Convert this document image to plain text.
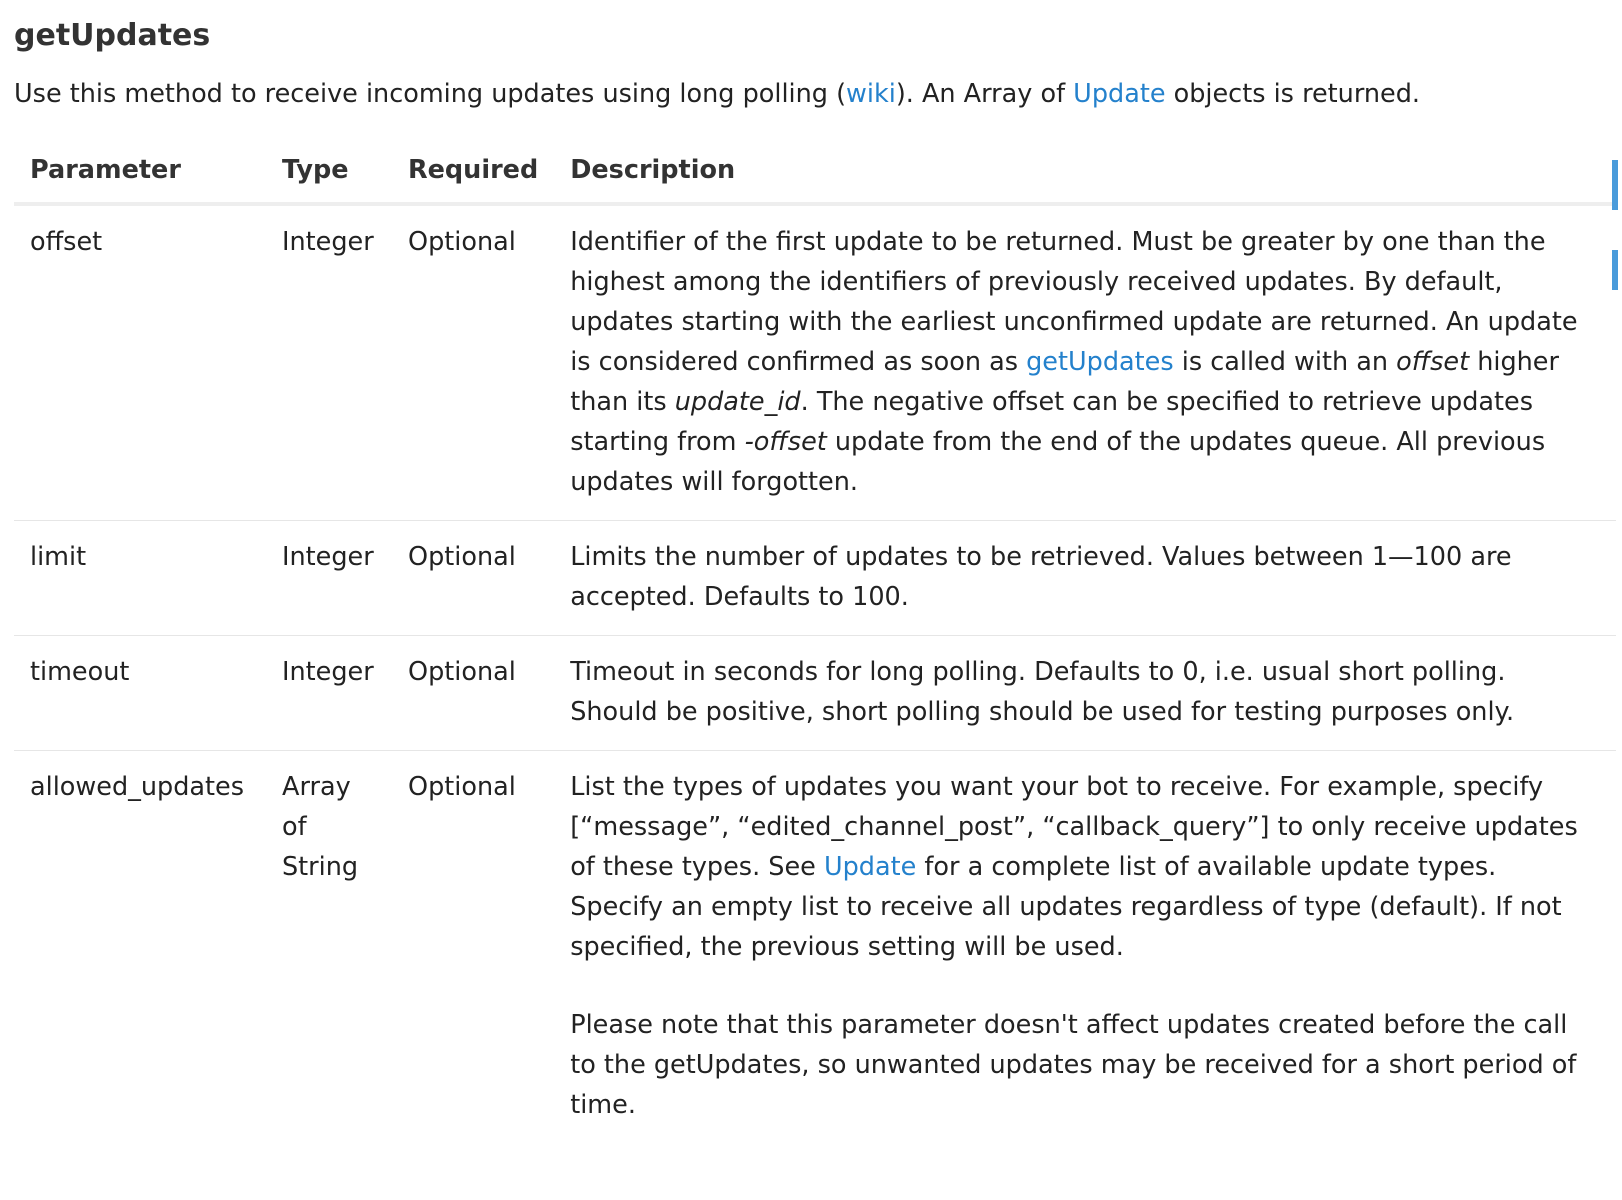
getUpdates

Use this method to receive incoming updates using long polling (wiki). An Array of Update objects is returned.

Parameter	Type	Required	Description
offset	Integer	Optional	Identifier of the first update to be returned. Must be greater by one than the highest among the identifiers of previously received updates. By default, updates starting with the earliest unconfirmed update are returned. An update is considered confirmed as soon as getUpdates is called with an offset higher than its update_id. The negative offset can be specified to retrieve updates starting from -offset update from the end of the updates queue. All previous updates will forgotten.

limit	Integer	Optional	Limits the number of updates to be retrieved. Values between 1—100 are accepted. Defaults to 100.

timeout	Integer	Optional	Timeout in seconds for long polling. Defaults to 0, i.e. usual short polling. Should be positive, short polling should be used for testing purposes only.

allowed_updates	Array of String	Optional	List the types of updates you want your bot to receive. For example, specify [“message”, “edited_channel_post”, “callback_query”] to only receive updates of these types. See Update for a complete list of available update types. Specify an empty list to receive all updates regardless of type (default). If not specified, the previous setting will be used.

Please note that this parameter doesn't affect updates created before the call to the getUpdates, so unwanted updates may be received for a short period of time.
